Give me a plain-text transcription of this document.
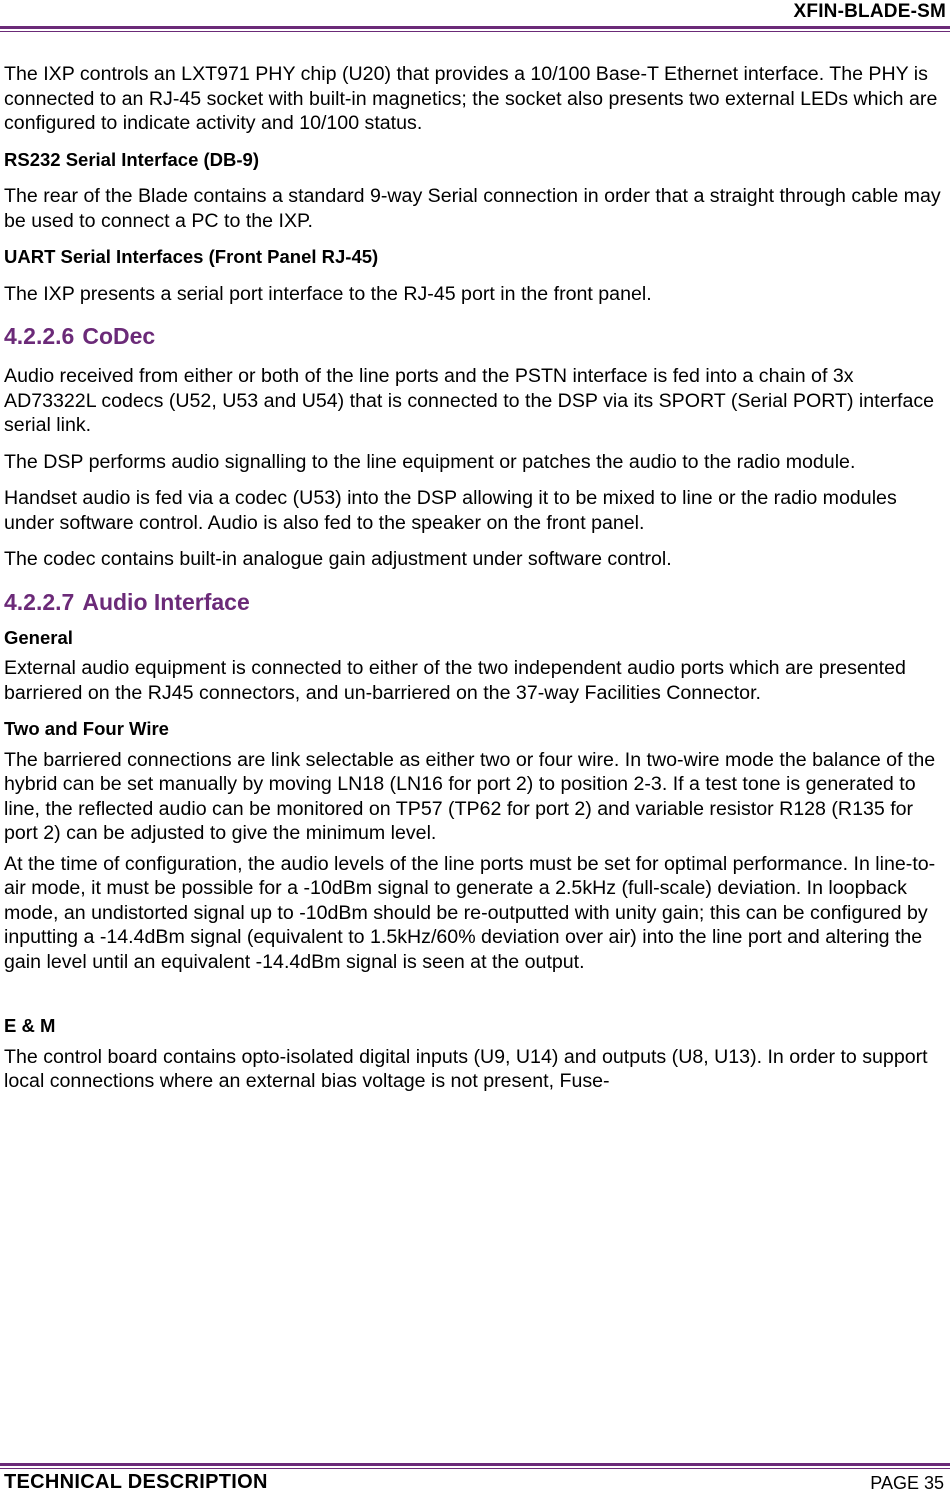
XFIN-BLADE-SM

The IXP controls an LXT971 PHY chip (U20) that provides a 10/100 Base-T Ethernet interface. The PHY is connected to an RJ-45 socket with built-in magnetics; the socket also presents two external LEDs which are configured to indicate activity and 10/100 status.

RS232 Serial Interface (DB-9)

The rear of the Blade contains a standard 9-way Serial connection in order that a straight through cable may be used to connect a PC to the IXP.

UART Serial Interfaces (Front Panel RJ-45)

The IXP presents a serial port interface to the RJ-45 port in the front panel.

4.2.2.6 CoDec

Audio received from either or both of the line ports and the PSTN interface is fed into a chain of 3x AD73322L codecs (U52, U53 and U54) that is connected to the DSP via its SPORT (Serial PORT) interface serial link.

The DSP performs audio signalling to the line equipment or patches the audio to the radio module.

Handset audio is fed via a codec (U53) into the DSP allowing it to be mixed to line or the radio modules under software control. Audio is also fed to the speaker on the front panel.

The codec contains built-in analogue gain adjustment under software control.

4.2.2.7 Audio Interface

General

External audio equipment is connected to either of the two independent audio ports which are presented barriered on the RJ45 connectors, and un-barriered on the 37-way Facilities Connector.

Two and Four Wire

The barriered connections are link selectable as either two or four wire. In two-wire mode the balance of the hybrid can be set manually by moving LN18 (LN16 for port 2) to position 2-3. If a test tone is generated to line, the reflected audio can be monitored on TP57 (TP62 for port 2) and variable resistor R128 (R135 for port 2) can be adjusted to give the minimum level.

At the time of configuration, the audio levels of the line ports must be set for optimal performance. In line-to-air mode, it must be possible for a -10dBm signal to generate a 2.5kHz (full-scale) deviation. In loopback mode, an undistorted signal up to -10dBm should be re-outputted with unity gain; this can be configured by inputting a -14.4dBm signal (equivalent to 1.5kHz/60% deviation over air) into the line port and altering the gain level until an equivalent -14.4dBm signal is seen at the output.

E & M

The control board contains opto-isolated digital inputs (U9, U14) and outputs (U8, U13). In order to support local connections where an external bias voltage is not present, Fuse-

TECHNICAL DESCRIPTION	PAGE 35
